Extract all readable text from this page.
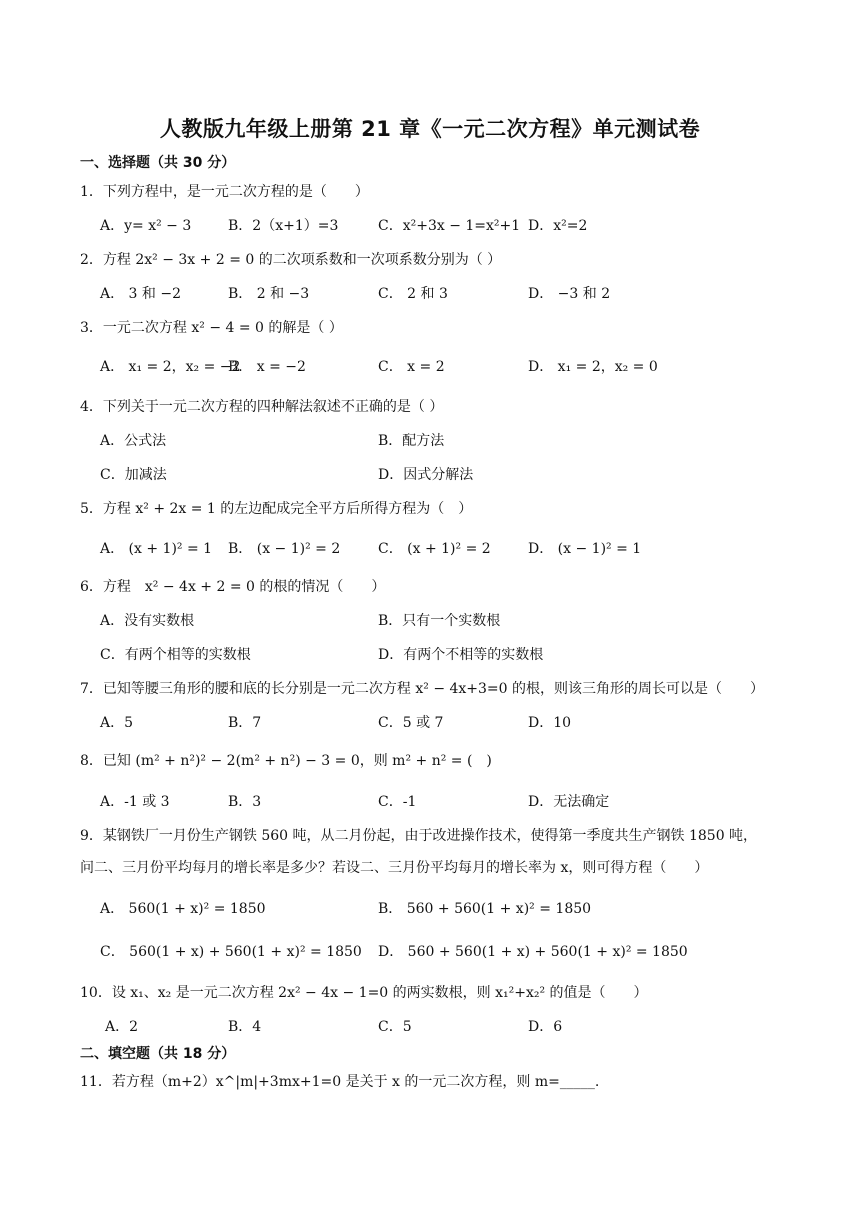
人教版九年级上册第 21 章《一元二次方程》单元测试卷
一、选择题（共 30 分）
1．下列方程中，是一元二次方程的是（　　）
A．y= x² − 3	B．2（x+1）=3	C．x²+3x − 1=x²+1 D．x²=2
2．方程 2x² − 3x + 2 = 0 的二次项系数和一次项系数分别为（ ）
A． 3 和 −2	B． 2 和 −3	C． 2 和 3	D． −3 和 2
3．一元二次方程 x² − 4 = 0 的解是（ ）
A． x₁ = 2，x₂ = −2
B． x = −2	C． x = 2	D． x₁ = 2，x₂ = 0
4．下列关于一元二次方程的四种解法叙述不正确的是（ ）
A．公式法	B．配方法
C．加减法	D．因式分解法
5．方程 x² + 2x = 1 的左边配成完全平方后所得方程为（　）
A． (x + 1)² = 1 B． (x − 1)² = 2	C． (x + 1)² = 2	D． (x − 1)² = 1
6．方程　x² − 4x + 2 = 0 的根的情况（　　）
A．没有实数根	B．只有一个实数根
C．有两个相等的实数根	D．有两个不相等的实数根
7．已知等腰三角形的腰和底的长分别是一元二次方程 x² − 4x+3=0 的根，则该三角形的周长可以是（　　）
A．5	B．7	C．5 或 7	D．10
8．已知 (m² + n²)² − 2(m² + n²) − 3 = 0，则 m² + n² = (　)
A．-1 或 3	B．3	C．-1	D．无法确定
9．某钢铁厂一月份生产钢铁 560 吨，从二月份起，由于改进操作技术，使得第一季度共生产钢铁 1850 吨，
问二、三月份平均每月的增长率是多少？若设二、三月份平均每月的增长率为 x，则可得方程（　　）
A． 560(1 + x)² = 1850	B． 560 + 560(1 + x)² = 1850
C． 560(1 + x) + 560(1 + x)² = 1850 D． 560 + 560(1 + x) + 560(1 + x)² = 1850
10．设 x₁、x₂ 是一元二次方程 2x² − 4x − 1=0 的两实数根，则 x₁²+x₂² 的值是（　　）
A．2	B．4	C．5	D．6
二、填空题（共 18 分）
11．若方程（m+2）x^|m|+3mx+1=0 是关于 x 的一元二次方程，则 m=_____.
